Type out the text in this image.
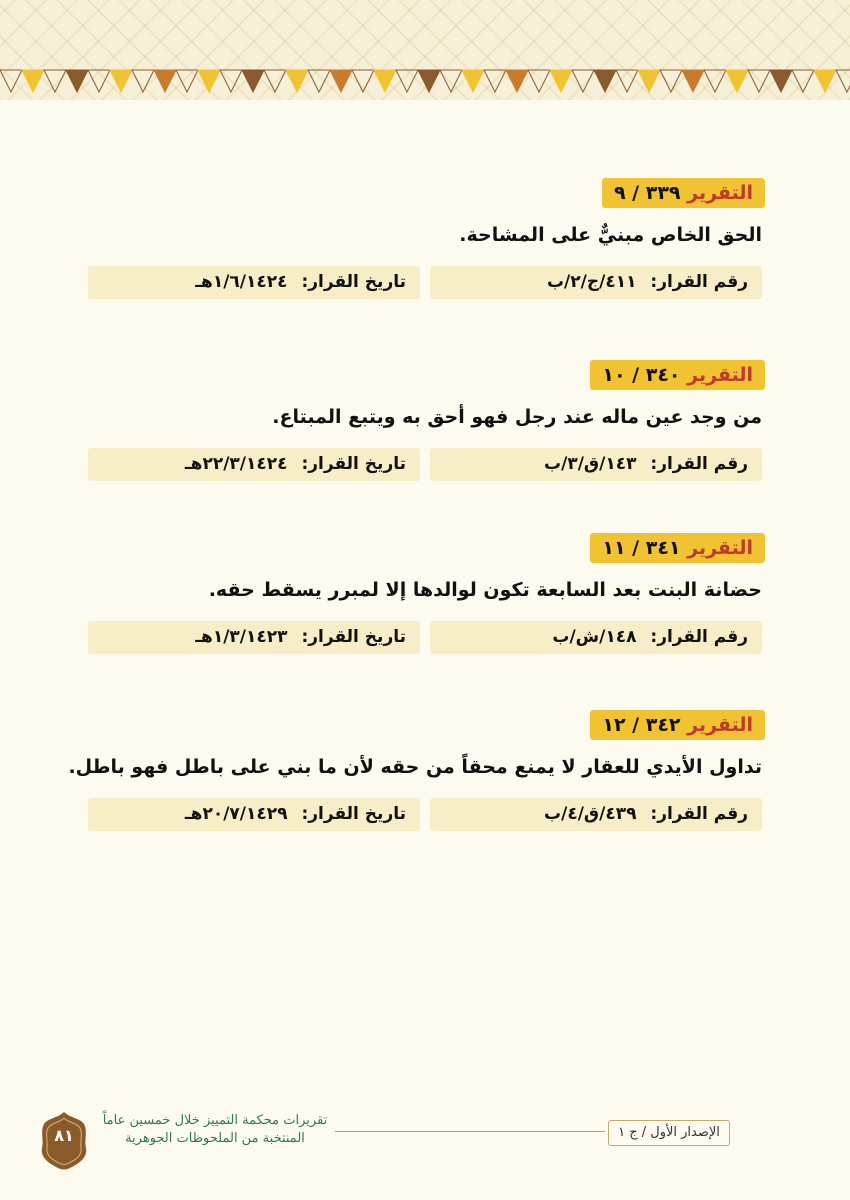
التقرير ٣٣٩ / ٩
الحق الخاص مبنيٌّ على المشاحة.
رقم القرار: ٤١١/ج/٢/ب
تاريخ القرار: ١/٦/١٤٢٤هـ
التقرير ٣٤٠ / ١٠
من وجد عين ماله عند رجل فهو أحق به ويتبع المبتاع.
رقم القرار: ١٤٣/ق/٣/ب
تاريخ القرار: ٢٢/٣/١٤٢٤هـ
التقرير ٣٤١ / ١١
حضانة البنت بعد السابعة تكون لوالدها إلا لمبرر يسقط حقه.
رقم القرار: ١٤٨/ش/ب
تاريخ القرار: ١/٣/١٤٢٣هـ
التقرير ٣٤٢ / ١٢
تداول الأيدي للعقار لا يمنع محقاً من حقه لأن ما بني على باطل فهو باطل.
رقم القرار: ٤٣٩/ق/٤/ب
تاريخ القرار: ٢٠/٧/١٤٢٩هـ
٨١
تقريرات محكمة التمييز خلال خمسين عاماً
المنتخبة من الملحوظات الجوهرية	الإصدار الأول / ج ١
